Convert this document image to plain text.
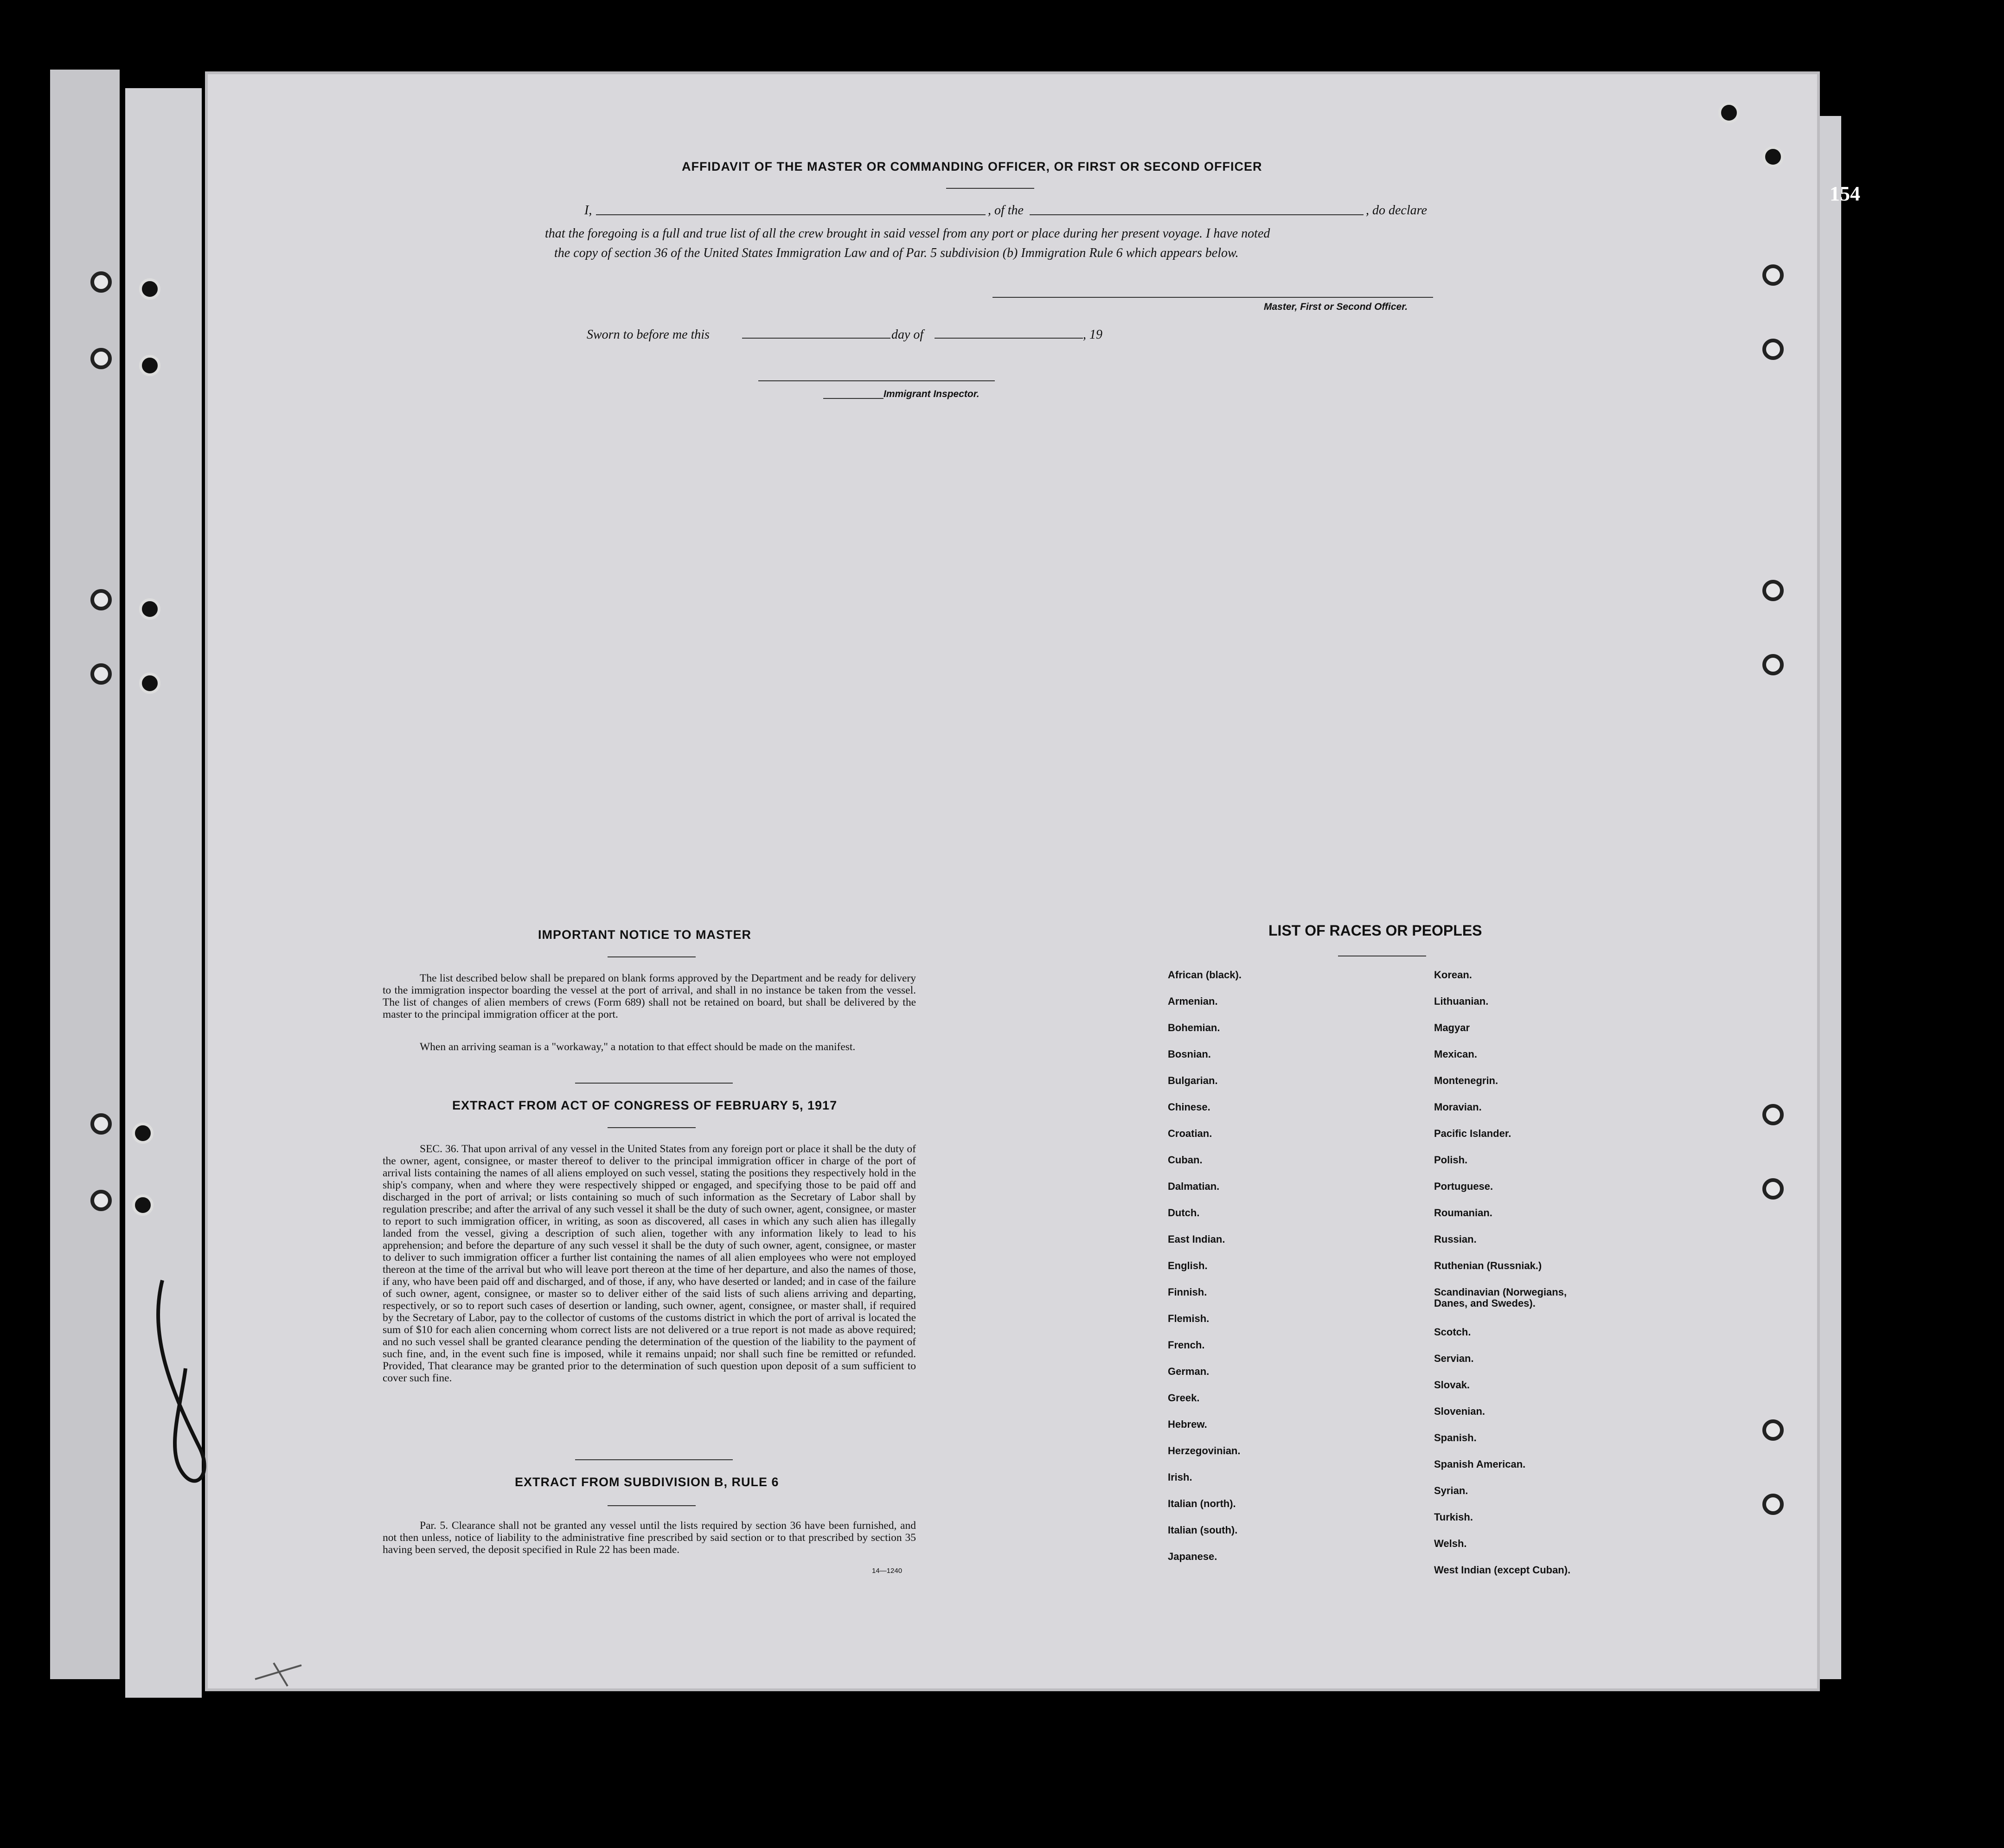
154
AFFIDAVIT OF THE MASTER OR COMMANDING OFFICER, OR FIRST OR SECOND OFFICER
I,	, of the	, do declare
that the foregoing is a full and true list of all the crew brought in said vessel from any port or place during her present voyage. I have noted
the copy of section 36 of the United States Immigration Law and of Par. 5 subdivision (b) Immigration Rule 6 which appears below.
Master, First or Second Officer.
Sworn to before me this	day of	, 19
Immigrant Inspector.
IMPORTANT NOTICE TO MASTER
The list described below shall be prepared on blank forms approved by the Department and be ready for delivery to the immigration inspector boarding the vessel at the port of arrival, and shall in no instance be taken from the vessel. The list of changes of alien members of crews (Form 689) shall not be retained on board, but shall be delivered by the master to the principal immigration officer at the port.
When an arriving seaman is a "workaway," a notation to that effect should be made on the manifest.
EXTRACT FROM ACT OF CONGRESS OF FEBRUARY 5, 1917
SEC. 36. That upon arrival of any vessel in the United States from any foreign port or place it shall be the duty of the owner, agent, consignee, or master thereof to deliver to the principal immigration officer in charge of the port of arrival lists containing the names of all aliens employed on such vessel, stating the positions they respectively hold in the ship's company, when and where they were respectively shipped or engaged, and specifying those to be paid off and discharged in the port of arrival; or lists containing so much of such information as the Secretary of Labor shall by regulation prescribe; and after the arrival of any such vessel it shall be the duty of such owner, agent, consignee, or master to report to such immigration officer, in writing, as soon as discovered, all cases in which any such alien has illegally landed from the vessel, giving a description of such alien, together with any information likely to lead to his apprehension; and before the departure of any such vessel it shall be the duty of such owner, agent, consignee, or master to deliver to such immigration officer a further list containing the names of all alien employees who were not employed thereon at the time of the arrival but who will leave port thereon at the time of her departure, and also the names of those, if any, who have been paid off and discharged, and of those, if any, who have deserted or landed; and in case of the failure of such owner, agent, consignee, or master so to deliver either of the said lists of such aliens arriving and departing, respectively, or so to report such cases of desertion or landing, such owner, agent, consignee, or master shall, if required by the Secretary of Labor, pay to the collector of customs of the customs district in which the port of arrival is located the sum of $10 for each alien concerning whom correct lists are not delivered or a true report is not made as above required; and no such vessel shall be granted clearance pending the determination of the question of the liability to the payment of such fine, and, in the event such fine is imposed, while it remains unpaid; nor shall such fine be remitted or refunded. Provided, That clearance may be granted prior to the determination of such question upon deposit of a sum sufficient to cover such fine.
EXTRACT FROM SUBDIVISION B, RULE 6
Par. 5. Clearance shall not be granted any vessel until the lists required by section 36 have been furnished, and not then unless, notice of liability to the administrative fine prescribed by said section or to that prescribed by section 35 having been served, the deposit specified in Rule 22 has been made.
14—1240
LIST OF RACES OR PEOPLES
African (black).
Armenian.
Bohemian.
Bosnian.
Bulgarian.
Chinese.
Croatian.
Cuban.
Dalmatian.
Dutch.
East Indian.
English.
Finnish.
Flemish.
French.
German.
Greek.
Hebrew.
Herzegovinian.
Irish.
Italian (north).
Italian (south).
Japanese.
Korean.
Lithuanian.
Magyar
Mexican.
Montenegrin.
Moravian.
Pacific Islander.
Polish.
Portuguese.
Roumanian.
Russian.
Ruthenian (Russniak.)
Scandinavian (Norwegians, Danes, and Swedes).
Scotch.
Servian.
Slovak.
Slovenian.
Spanish.
Spanish American.
Syrian.
Turkish.
Welsh.
West Indian (except Cuban).
